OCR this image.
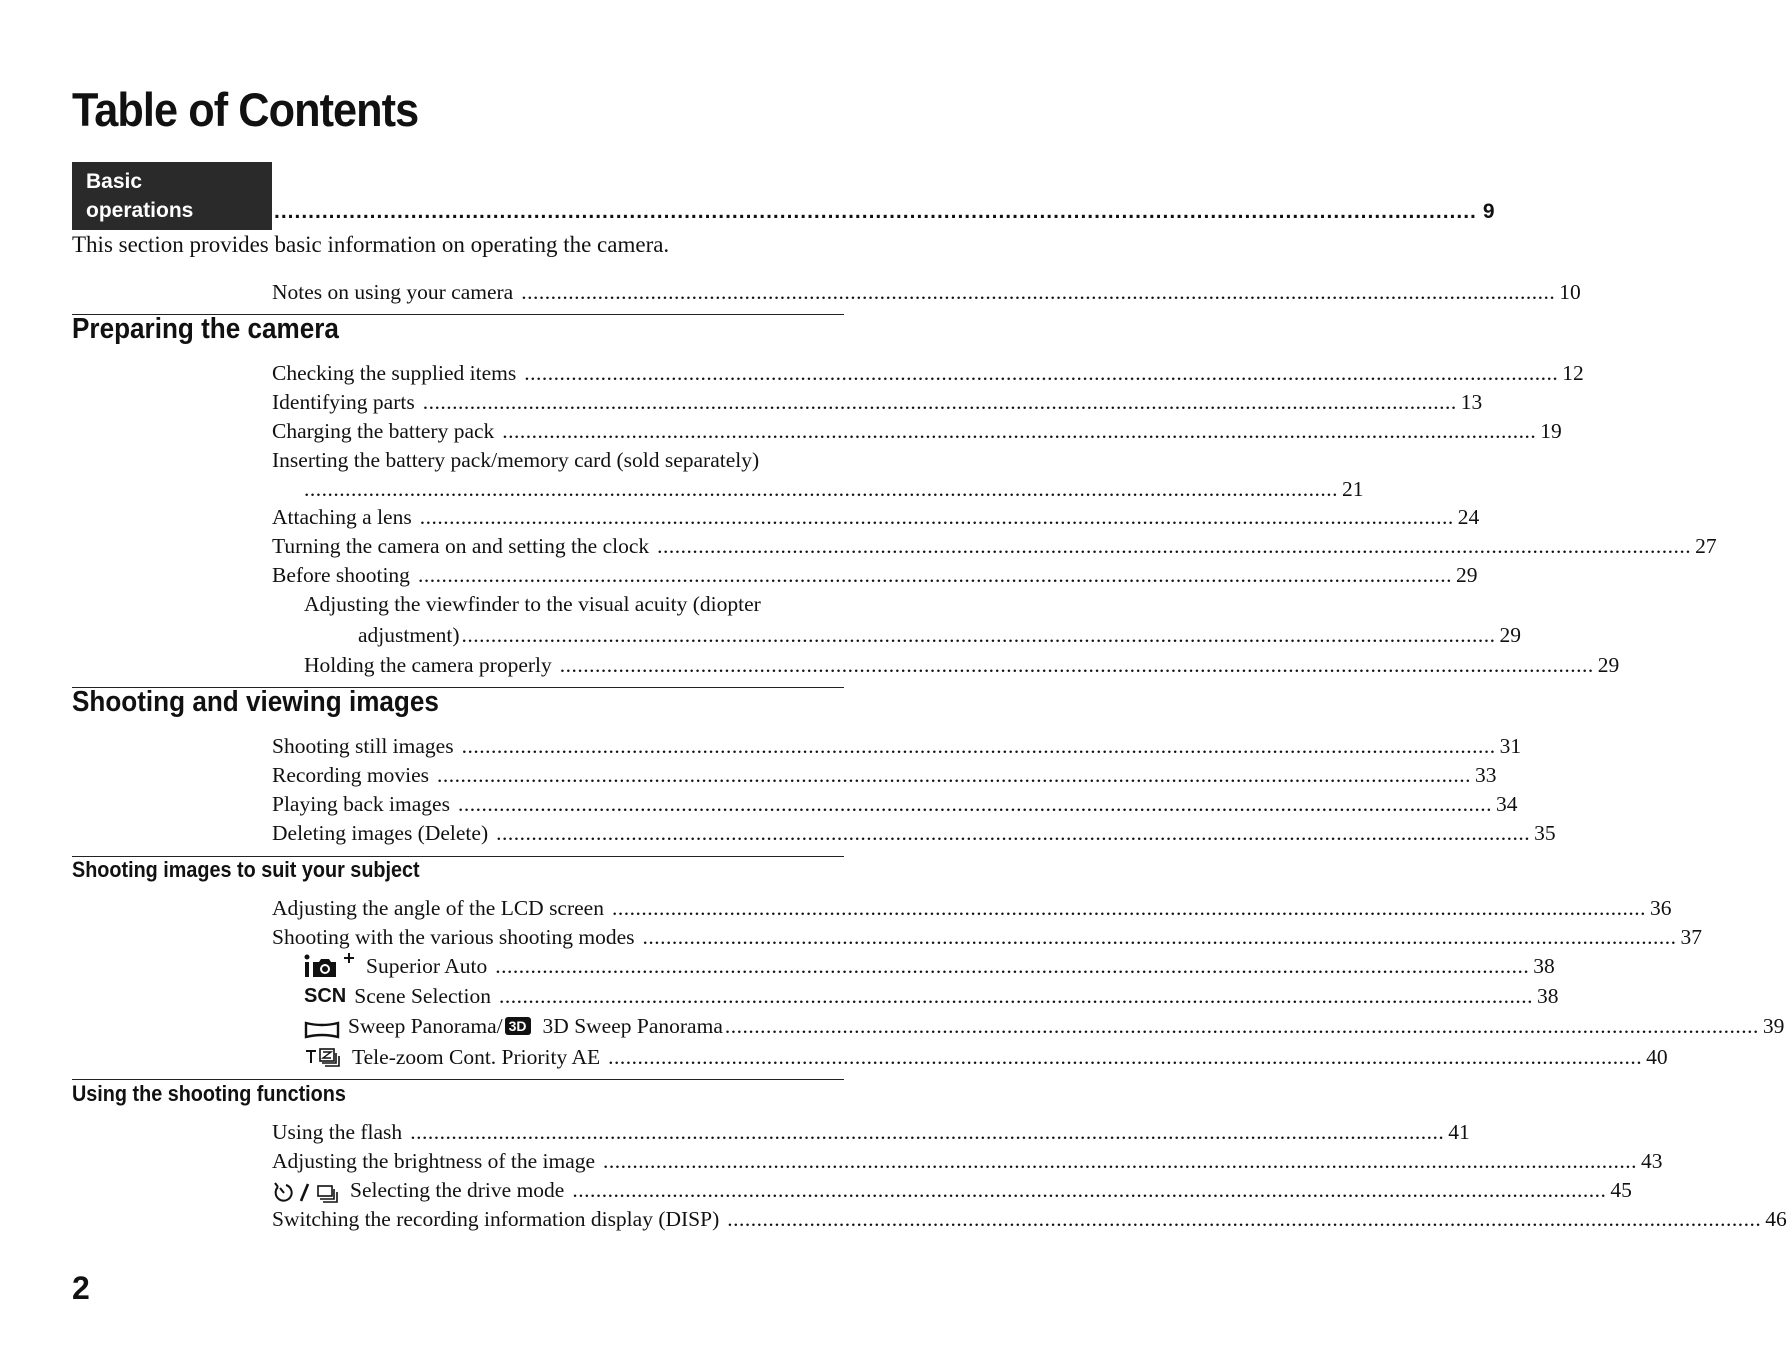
Table of Contents
Basic
operations	................................................................................................................................................................................ 9
This section provides basic information on operating the camera.
Notes on using your camera ................................................................................................................................................................................ 10
Preparing the camera
Checking the supplied items ................................................................................................................................................................................ 12
Identifying parts ................................................................................................................................................................................ 13
Charging the battery pack ................................................................................................................................................................................ 19
Inserting the battery pack/memory card (sold separately)
................................................................................................................................................................................ 21
Attaching a lens ................................................................................................................................................................................ 24
Turning the camera on and setting the clock ................................................................................................................................................................................ 27
Before shooting ................................................................................................................................................................................ 29
Adjusting the viewfinder to the visual acuity (diopter
adjustment) ................................................................................................................................................................................ 29
Holding the camera properly ................................................................................................................................................................................ 29
Shooting and viewing images
Shooting still images ................................................................................................................................................................................ 31
Recording movies ................................................................................................................................................................................ 33
Playing back images ................................................................................................................................................................................ 34
Deleting images (Delete) ................................................................................................................................................................................ 35
Shooting images to suit your subject
Adjusting the angle of the LCD screen ................................................................................................................................................................................ 36
Shooting with the various shooting modes ................................................................................................................................................................................ 37
Superior Auto ................................................................................................................................................................................ 38
SCN Scene Selection ................................................................................................................................................................................ 38
Sweep Panorama/ 3D 3D Sweep Panorama ................................................................................................................................................................................ 39
Tele-zoom Cont. Priority AE ................................................................................................................................................................................ 40
Using the shooting functions
Using the flash ................................................................................................................................................................................ 41
Adjusting the brightness of the image ................................................................................................................................................................................ 43
Selecting the drive mode ................................................................................................................................................................................ 45
Switching the recording information display (DISP) ................................................................................................................................................................................ 46
2
